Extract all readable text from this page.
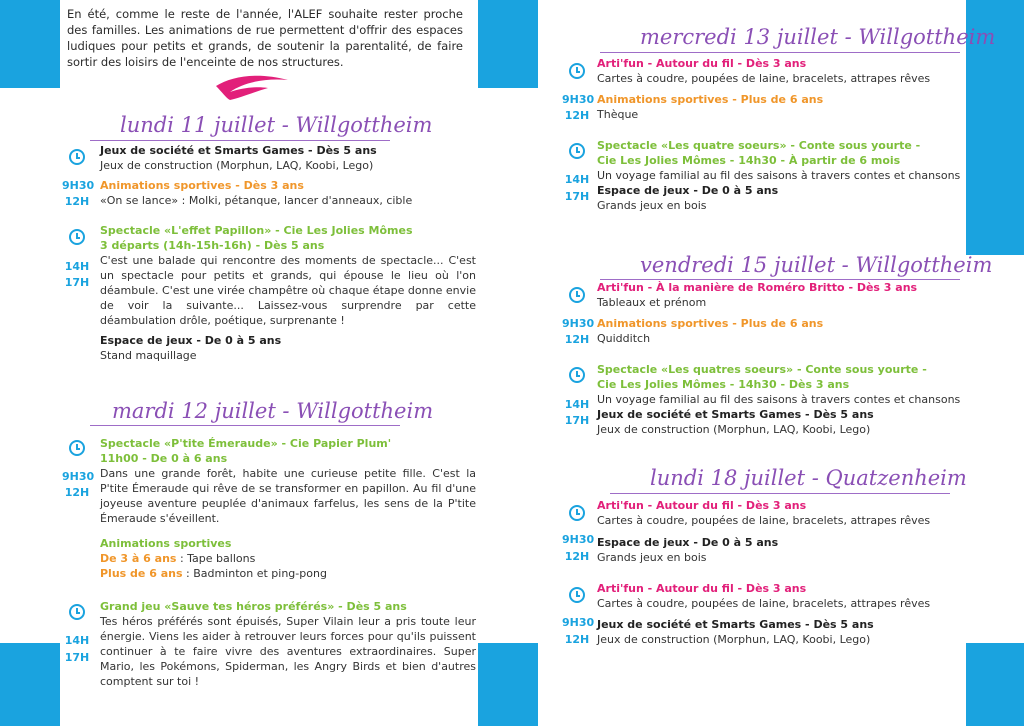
En été, comme le reste de l'année, l'ALEF souhaite rester proche des familles. Les animations de rue permettent d'offrir des espaces ludiques pour petits et grands, de soutenir la parentalité, de faire sortir des loisirs de l'enceinte de nos structures.
lundi 11 juillet - Willgottheim
9H30
12H
14H
17H
Jeux de société et Smarts Games - Dès 5 ans
Jeux de construction (Morphun, LAQ, Koobi, Lego)
Animations sportives - Dès 3 ans
«On se lance» : Molki, pétanque, lancer d'anneaux, cible
Spectacle «L'effet Papillon» - Cie Les Jolies Mômes
3 départs (14h-15h-16h) - Dès 5 ans
C'est une balade qui rencontre des moments de spectacle... C'est un spectacle pour petits et grands, qui épouse le lieu où l'on déambule. C'est une virée champêtre où chaque étape donne envie de voir la suivante... Laissez-vous surprendre par cette déambulation drôle, poétique, surprenante !
Espace de jeux - De 0 à 5 ans
Stand maquillage
mardi 12 juillet - Willgottheim
9H30
12H
14H
17H
Spectacle «P'tite Émeraude» - Cie Papier Plum'
11h00 - De 0 à 6 ans
Dans une grande forêt, habite une curieuse petite fille. C'est la P'tite Émeraude qui rêve de se transformer en papillon. Au fil d'une joyeuse aventure peuplée d'animaux farfelus, les sens de la P'tite Émeraude s'éveillent.
Animations sportives
De 3 à 6 ans : Tape ballons
Plus de 6 ans : Badminton et ping-pong
Grand jeu «Sauve tes héros préférés» - Dès 5 ans
Tes héros préférés sont épuisés, Super Vilain leur a pris toute leur énergie. Viens les aider à retrouver leurs forces pour qu'ils puissent continuer à te faire vivre des aventures extraordinaires. Super Mario, les Pokémons, Spiderman, les Angry Birds et bien d'autres comptent sur toi !
mercredi 13 juillet - Willgottheim
9H30
12H
14H
17H
Arti'fun - Autour du fil - Dès 3 ans
Cartes à coudre, poupées de laine, bracelets, attrapes rêves
Animations sportives - Plus de 6 ans
Thèque
Spectacle «Les quatre soeurs» - Conte sous yourte -
Cie Les Jolies Mômes - 14h30 - À partir de 6 mois
Un voyage familial au fil des saisons à travers contes et chansons
Espace de jeux - De 0 à 5 ans
Grands jeux en bois
vendredi 15 juillet - Willgottheim
9H30
12H
14H
17H
Arti'fun - À la manière de Roméro Britto - Dès 3 ans
Tableaux et prénom
Animations sportives - Plus de 6 ans
Quidditch
Spectacle «Les quatres soeurs» - Conte sous yourte -
Cie Les Jolies Mômes - 14h30 - Dès 3 ans
Un voyage familial au fil des saisons à travers contes et chansons
Jeux de société et Smarts Games - Dès 5 ans
Jeux de construction (Morphun, LAQ, Koobi, Lego)
lundi 18 juillet - Quatzenheim
9H30
12H
9H30
12H
Arti'fun - Autour du fil - Dès 3 ans
Cartes à coudre, poupées de laine, bracelets, attrapes rêves
Espace de jeux - De 0 à 5 ans
Grands jeux en bois
Arti'fun - Autour du fil - Dès 3 ans
Cartes à coudre, poupées de laine, bracelets, attrapes rêves
Jeux de société et Smarts Games - Dès 5 ans
Jeux de construction (Morphun, LAQ, Koobi, Lego)
